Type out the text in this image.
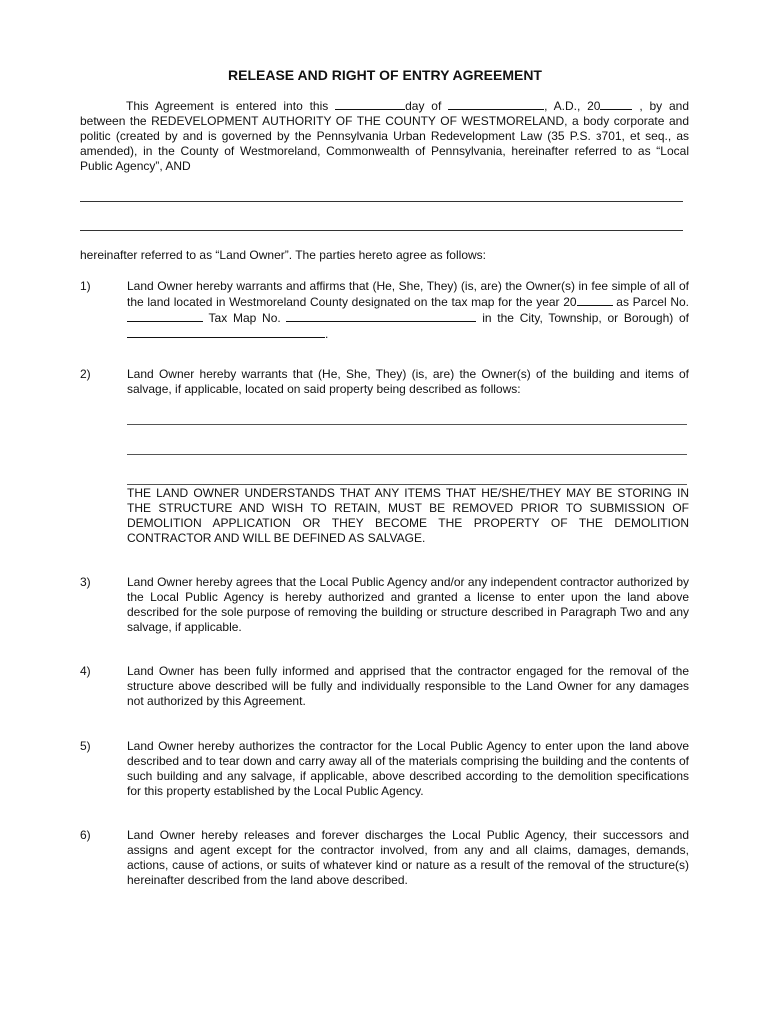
RELEASE AND RIGHT OF ENTRY AGREEMENT
This Agreement is entered into this	day of	, A.D., 20	, by and between the REDEVELOPMENT AUTHORITY OF THE COUNTY OF WESTMORELAND, a body corporate and politic (created by and is governed by the Pennsylvania Urban Redevelopment Law (35 P.S. з701, et seq., as amended), in the County of Westmoreland, Commonwealth of Pennsylvania, hereinafter referred to as “Local Public Agency”, AND
hereinafter referred to as “Land Owner”. The parties hereto agree as follows:
1)	Land Owner hereby warrants and affirms that (He, She, They) (is, are) the Owner(s) in fee simple of all of the land located in Westmoreland County designated on the tax map for the year 20	as Parcel No.  Tax Map No.	in the City, Township, or Borough) of .
2)	Land Owner hereby warrants that (He, She, They) (is, are) the Owner(s) of the building and items of salvage, if applicable, located on said property being described as follows:
THE LAND OWNER UNDERSTANDS THAT ANY ITEMS THAT HE/SHE/THEY MAY BE STORING IN THE STRUCTURE AND WISH TO RETAIN, MUST BE REMOVED PRIOR TO SUBMISSION OF DEMOLITION APPLICATION OR THEY BECOME THE PROPERTY OF THE DEMOLITION CONTRACTOR AND WILL BE DEFINED AS SALVAGE.
3)	Land Owner hereby agrees that the Local Public Agency and/or any independent contractor authorized by the Local Public Agency is hereby authorized and granted a license to enter upon the land above described for the sole purpose of removing the building or structure described in Paragraph Two and any salvage, if applicable.
4)	Land Owner has been fully informed and apprised that the contractor engaged for the removal of the structure above described will be fully and individually responsible to the Land Owner for any damages not authorized by this Agreement.
5)	Land Owner hereby authorizes the contractor for the Local Public Agency to enter upon the land above described and to tear down and carry away all of the materials comprising the building and the contents of such building and any salvage, if applicable, above described according to the demolition specifications for this property established by the Local Public Agency.
6)	Land Owner hereby releases and forever discharges the Local Public Agency, their successors and assigns and agent except for the contractor involved, from any and all claims, damages, demands, actions, cause of actions, or suits of whatever kind or nature as a result of the removal of the structure(s) hereinafter described from the land above described.
